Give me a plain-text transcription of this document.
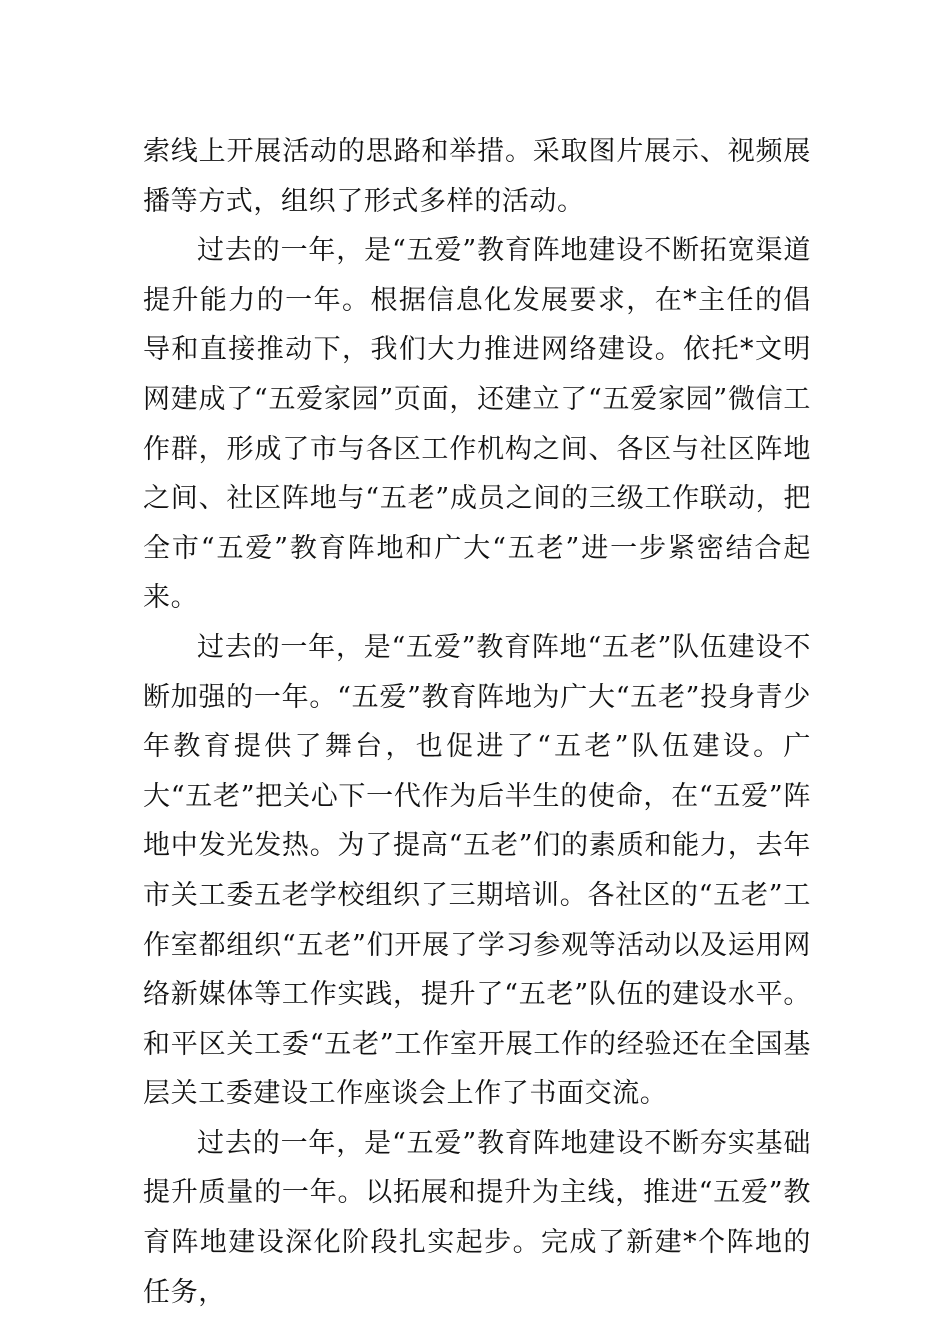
索线上开展活动的思路和举措。采取图片展示、视频展播等方式，组织了形式多样的活动。

过去的一年，是“五爱”教育阵地建设不断拓宽渠道提升能力的一年。根据信息化发展要求，在*主任的倡导和直接推动下，我们大力推进网络建设。依托*文明网建成了“五爱家园”页面，还建立了“五爱家园”微信工作群，形成了市与各区工作机构之间、各区与社区阵地之间、社区阵地与“五老”成员之间的三级工作联动，把全市“五爱”教育阵地和广大“五老”进一步紧密结合起来。

过去的一年，是“五爱”教育阵地“五老”队伍建设不断加强的一年。“五爱”教育阵地为广大“五老”投身青少年教育提供了舞台，也促进了“五老”队伍建设。广大“五老”把关心下一代作为后半生的使命，在“五爱”阵地中发光发热。为了提高“五老”们的素质和能力，去年市关工委五老学校组织了三期培训。各社区的“五老”工作室都组织“五老”们开展了学习参观等活动以及运用网络新媒体等工作实践，提升了“五老”队伍的建设水平。和平区关工委“五老”工作室开展工作的经验还在全国基层关工委建设工作座谈会上作了书面交流。

过去的一年，是“五爱”教育阵地建设不断夯实基础提升质量的一年。以拓展和提升为主线，推进“五爱”教育阵地建设深化阶段扎实起步。完成了新建*个阵地的任务，
